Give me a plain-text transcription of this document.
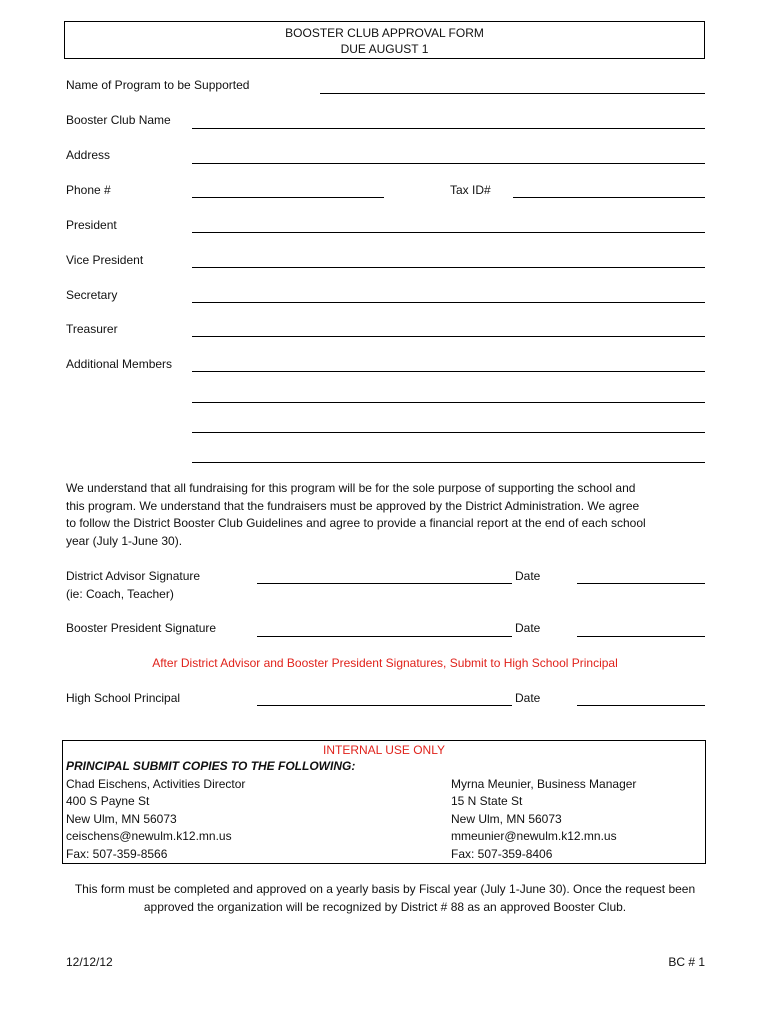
BOOSTER CLUB APPROVAL FORM
DUE AUGUST 1
Name of Program to be Supported
Booster Club Name
Address
Phone #	Tax ID#
President
Vice President
Secretary
Treasurer
Additional Members
We understand that all fundraising for this program will be for the sole purpose of supporting the school and this program. We understand that the fundraisers must be approved by the District Administration. We agree to follow the District Booster Club Guidelines and agree to provide a financial report at the end of each school year (July 1-June 30).
District Advisor Signature
(ie: Coach, Teacher)
Date
Booster President Signature	Date
After District Advisor and Booster President Signatures, Submit to High School Principal
High School Principal	Date
INTERNAL USE ONLY
PRINCIPAL SUBMIT COPIES TO THE FOLLOWING:
Chad Eischens, Activities Director
400 S Payne St
New Ulm, MN 56073
ceischens@newulm.k12.mn.us
Fax: 507-359-8566
Myrna Meunier, Business Manager
15 N State St
New Ulm, MN 56073
mmeunier@newulm.k12.mn.us
Fax: 507-359-8406
This form must be completed and approved on a yearly basis by Fiscal year (July 1-June 30). Once the request been approved the organization will be recognized by District # 88 as an approved Booster Club.
12/12/12	BC # 1
